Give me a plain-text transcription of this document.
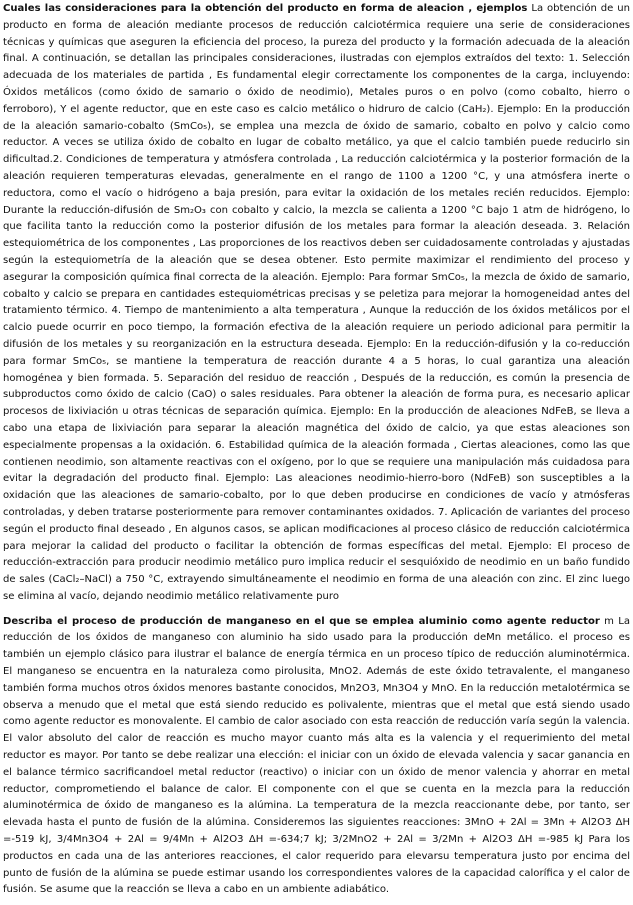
Cuales las consideraciones para la obtención del producto en forma de aleacion , ejemplos La obtención de un producto en forma de aleación mediante procesos de reducción calciotérmica requiere una serie de consideraciones técnicas y químicas que aseguren la eficiencia del proceso, la pureza del producto y la formación adecuada de la aleación final. A continuación, se detallan las principales consideraciones, ilustradas con ejemplos extraídos del texto: 1. Selección adecuada de los materiales de partida , Es fundamental elegir correctamente los componentes de la carga, incluyendo: Óxidos metálicos (como óxido de samario o óxido de neodimio), Metales puros o en polvo (como cobalto, hierro o ferroboro), Y el agente reductor, que en este caso es calcio metálico o hidruro de calcio (CaH₂). Ejemplo: En la producción de la aleación samario-cobalto (SmCo₅), se emplea una mezcla de óxido de samario, cobalto en polvo y calcio como reductor. A veces se utiliza óxido de cobalto en lugar de cobalto metálico, ya que el calcio también puede reducirlo sin dificultad.2. Condiciones de temperatura y atmósfera controlada , La reducción calciotérmica y la posterior formación de la aleación requieren temperaturas elevadas, generalmente en el rango de 1100 a 1200 °C, y una atmósfera inerte o reductora, como el vacío o hidrógeno a baja presión, para evitar la oxidación de los metales recién reducidos. Ejemplo: Durante la reducción-difusión de Sm₂O₃ con cobalto y calcio, la mezcla se calienta a 1200 °C bajo 1 atm de hidrógeno, lo que facilita tanto la reducción como la posterior difusión de los metales para formar la aleación deseada. 3. Relación estequiométrica de los componentes , Las proporciones de los reactivos deben ser cuidadosamente controladas y ajustadas según la estequiometría de la aleación que se desea obtener. Esto permite maximizar el rendimiento del proceso y asegurar la composición química final correcta de la aleación. Ejemplo: Para formar SmCo₅, la mezcla de óxido de samario, cobalto y calcio se prepara en cantidades estequiométricas precisas y se peletiza para mejorar la homogeneidad antes del tratamiento térmico. 4. Tiempo de mantenimiento a alta temperatura , Aunque la reducción de los óxidos metálicos por el calcio puede ocurrir en poco tiempo, la formación efectiva de la aleación requiere un periodo adicional para permitir la difusión de los metales y su reorganización en la estructura deseada. Ejemplo: En la reducción-difusión y la co-reducción para formar SmCo₅, se mantiene la temperatura de reacción durante 4 a 5 horas, lo cual garantiza una aleación homogénea y bien formada. 5. Separación del residuo de reacción , Después de la reducción, es común la presencia de subproductos como óxido de calcio (CaO) o sales residuales. Para obtener la aleación de forma pura, es necesario aplicar procesos de lixiviación u otras técnicas de separación química. Ejemplo: En la producción de aleaciones NdFeB, se lleva a cabo una etapa de lixiviación para separar la aleación magnética del óxido de calcio, ya que estas aleaciones son especialmente propensas a la oxidación. 6. Estabilidad química de la aleación formada , Ciertas aleaciones, como las que contienen neodimio, son altamente reactivas con el oxígeno, por lo que se requiere una manipulación más cuidadosa para evitar la degradación del producto final. Ejemplo: Las aleaciones neodimio-hierro-boro (NdFeB) son susceptibles a la oxidación que las aleaciones de samario-cobalto, por lo que deben producirse en condiciones de vacío y atmósferas controladas, y deben tratarse posteriormente para remover contaminantes oxidados. 7. Aplicación de variantes del proceso según el producto final deseado , En algunos casos, se aplican modificaciones al proceso clásico de reducción calciotérmica para mejorar la calidad del producto o facilitar la obtención de formas específicas del metal. Ejemplo: El proceso de reducción-extracción para producir neodimio metálico puro implica reducir el sesquióxido de neodimio en un baño fundido de sales (CaCl₂–NaCl) a 750 °C, extrayendo simultáneamente el neodimio en forma de una aleación con zinc. El zinc luego se elimina al vacío, dejando neodimio metálico relativamente puro

Describa el proceso de producción de manganeso en el que se emplea aluminio como agente reductor m La reducción de los óxidos de manganeso con aluminio ha sido usado para la producción deMn metálico. el proceso es también un ejemplo clásico para ilustrar el balance de energía térmica en un proceso típico de reducción aluminotérmica. El manganeso se encuentra en la naturaleza como pirolusita, MnO2. Además de este óxido tetravalente, el manganeso también forma muchos otros óxidos menores bastante conocidos, Mn2O3, Mn3O4 y MnO. En la reducción metalotérmica se observa a menudo que el metal que está siendo reducido es polivalente, mientras que el metal que está siendo usado como agente reductor es monovalente. El cambio de calor asociado con esta reacción de reducción varía según la valencia. El valor absoluto del calor de reacción es mucho mayor cuanto más alta es la valencia y el requerimiento del metal reductor es mayor. Por tanto se debe realizar una elección: el iniciar con un óxido de elevada valencia y sacar ganancia en el balance térmico sacrificandoel metal reductor (reactivo) o iniciar con un óxido de menor valencia y ahorrar en metal reductor, comprometiendo el balance de calor. El componente con el que se cuenta en la mezcla para la reducción aluminotérmica de óxido de manganeso es la alúmina. La temperatura de la mezcla reaccionante debe, por tanto, ser elevada hasta el punto de fusión de la alúmina. Consideremos las siguientes reacciones: 3MnO + 2Al = 3Mn + Al2O3 ΔH =-519 kJ, 3/4Mn3O4 + 2Al = 9/4Mn + Al2O3 ΔH =-634;7 kJ; 3/2MnO2 + 2Al = 3/2Mn + Al2O3 ΔH =-985 kJ Para los productos en cada una de las anteriores reacciones, el calor requerido para elevarsu temperatura justo por encima del punto de fusión de la alúmina se puede estimar usando los correspondientes valores de la capacidad calorífica y el calor de fusión. Se asume que la reacción se lleva a cabo en un ambiente adiabático.
